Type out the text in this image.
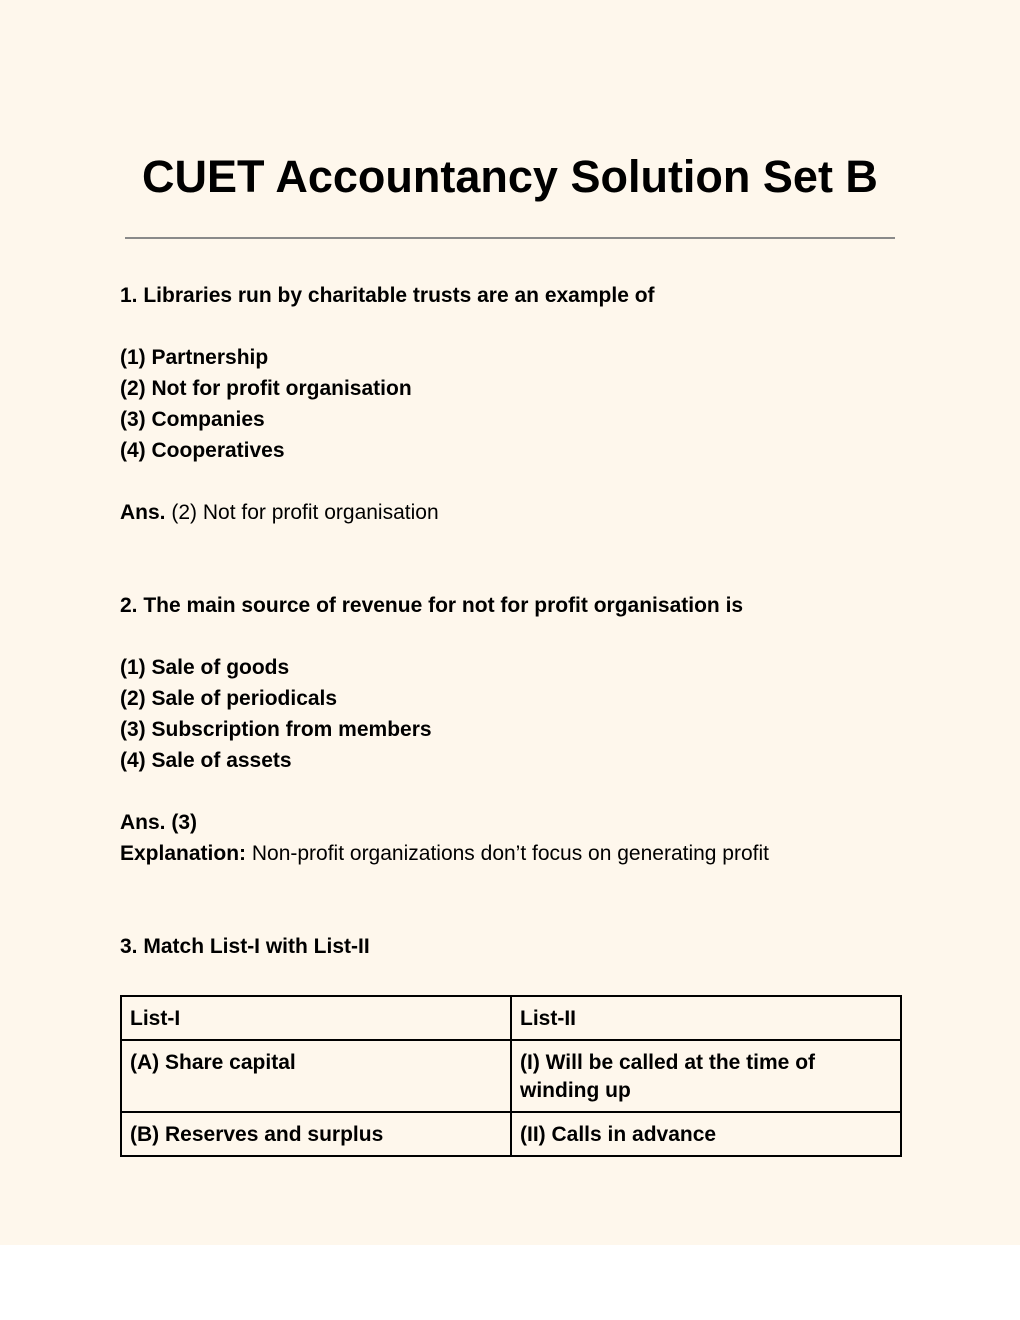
CUET Accountancy Solution Set B

1. Libraries run by charitable trusts are an example of

(1) Partnership

(2) Not for profit organisation

(3) Companies

(4) Cooperatives

Ans. (2) Not for profit organisation

2. The main source of revenue for not for profit organisation is

(1) Sale of goods

(2) Sale of periodicals

(3) Subscription from members

(4) Sale of assets

Ans. (3)

Explanation: Non-profit organizations don’t focus on generating profit

3. Match List-I with List-II

List-I	List-II
(A) Share capital	(I) Will be called at the time of winding up
(B) Reserves and surplus	(II) Calls in advance
